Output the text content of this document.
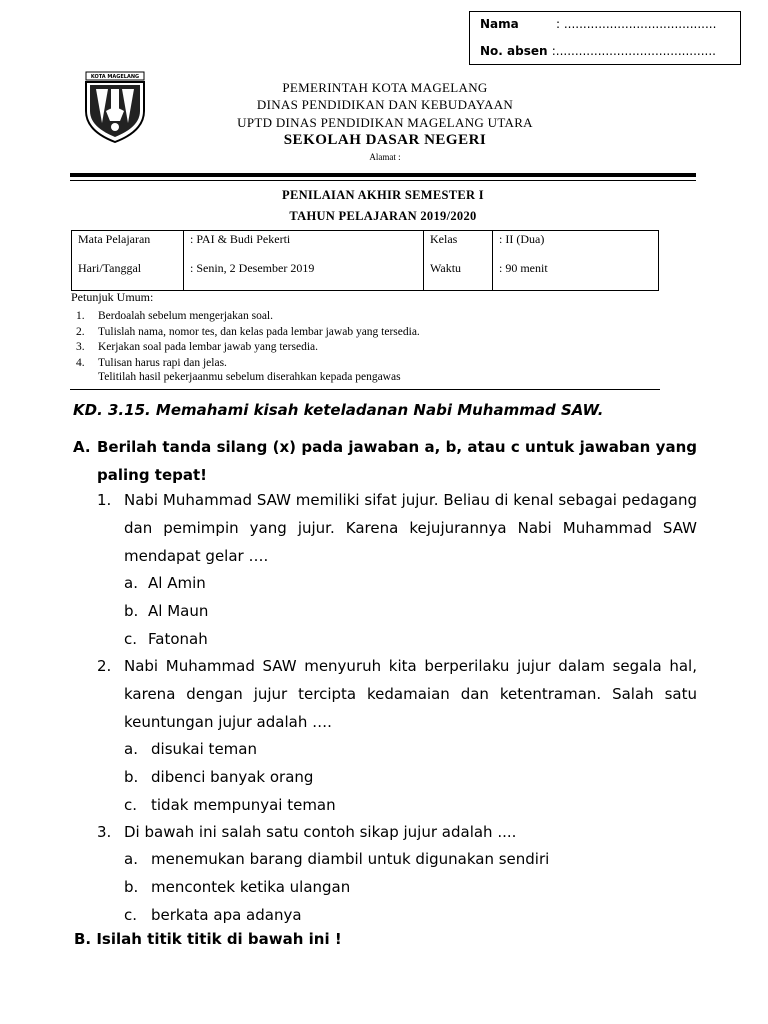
Nama	: ........................................
No. absen :..........................................
KOTA MAGELANG
PEMERINTAH KOTA MAGELANG
DINAS PENDIDIKAN DAN KEBUDAYAAN
UPTD DINAS PENDIDIKAN MAGELANG UTARA
SEKOLAH DASAR NEGERI
Alamat :
PENILAIAN AKHIR SEMESTER I
TAHUN PELAJARAN 2019/2020
Mata Pelajaran	: PAI & Budi Pekerti	Kelas	: II (Dua)
Hari/Tanggal	: Senin, 2 Desember 2019	Waktu	: 90 menit
Petunjuk Umum:
1. Berdoalah sebelum mengerjakan soal.
2. Tulislah nama, nomor tes, dan kelas pada lembar jawab yang tersedia.
3. Kerjakan soal pada lembar jawab yang tersedia.
4. Tulisan harus rapi dan jelas.
Telitilah hasil pekerjaanmu sebelum diserahkan kepada pengawas
KD. 3.15. Memahami kisah keteladanan Nabi Muhammad SAW.
A. Berilah tanda silang (x) pada jawaban a, b, atau c untuk jawaban yang paling tepat!
1. Nabi Muhammad SAW memiliki sifat jujur. Beliau di kenal sebagai pedagang dan pemimpin yang jujur. Karena kejujurannya Nabi Muhammad SAW mendapat gelar ….
a. Al Amin
b. Al Maun
c. Fatonah
2. Nabi Muhammad SAW menyuruh kita berperilaku jujur dalam segala hal, karena dengan jujur tercipta kedamaian dan ketentraman. Salah satu keuntungan jujur adalah ….
a. disukai teman
b. dibenci banyak orang
c. tidak mempunyai teman
3. Di bawah ini salah satu contoh sikap jujur adalah ....
a. menemukan barang diambil untuk digunakan sendiri
b. mencontek ketika ulangan
c. berkata apa adanya
B. Isilah titik titik di bawah ini !
